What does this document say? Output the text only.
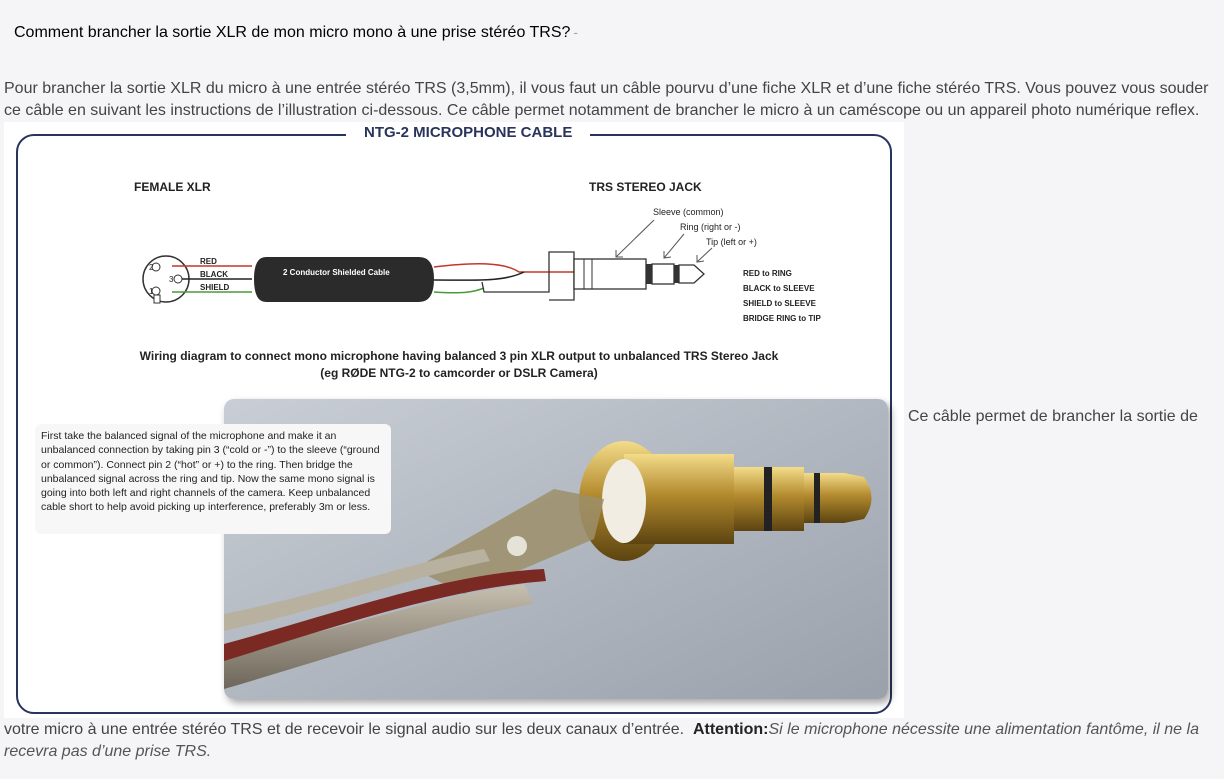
Comment brancher la sortie XLR de mon micro mono à une prise stéréo TRS? -
Pour brancher la sortie XLR du micro à une entrée stéréo TRS (3,5mm), il vous faut un câble pourvu d’une fiche XLR et d’une fiche stéréo TRS. Vous pouvez vous souder ce câble en suivant les instructions de l’illustration ci-dessous. Ce câble permet notamment de brancher le micro à un caméscope ou un appareil photo numérique reflex.
NTG-2 MICROPHONE CABLE
FEMALE XLR	TRS STEREO JACK
Sleeve (common)
Ring (right or -)
Tip (left or +)
2
3
1
RED
BLACK
SHIELD
2 Conductor Shielded Cable	RED to RING
BLACK to SLEEVE
SHIELD to SLEEVE
BRIDGE RING to TIP
Wiring diagram to connect mono microphone having balanced 3 pin XLR output to unbalanced TRS Stereo Jack
(eg RØDE NTG-2 to camcorder or DSLR Camera)
First take the balanced signal of the microphone and make it an unbalanced connection by taking pin 3 (“cold or -”) to the sleeve (“ground or common”). Connect pin 2 (“hot” or +) to the ring. Then bridge the unbalanced signal across the ring and tip. Now the same mono signal is going into both left and right channels of the camera. Keep unbalanced cable short to help avoid picking up interference, preferably 3m or less.
Ce câble permet de brancher la sortie de
votre micro à une entrée stéréo TRS et de recevoir le signal audio sur les deux canaux d’entrée. Attention:Si le microphone nécessite une alimentation fantôme, il ne la recevra pas d’une prise TRS.
